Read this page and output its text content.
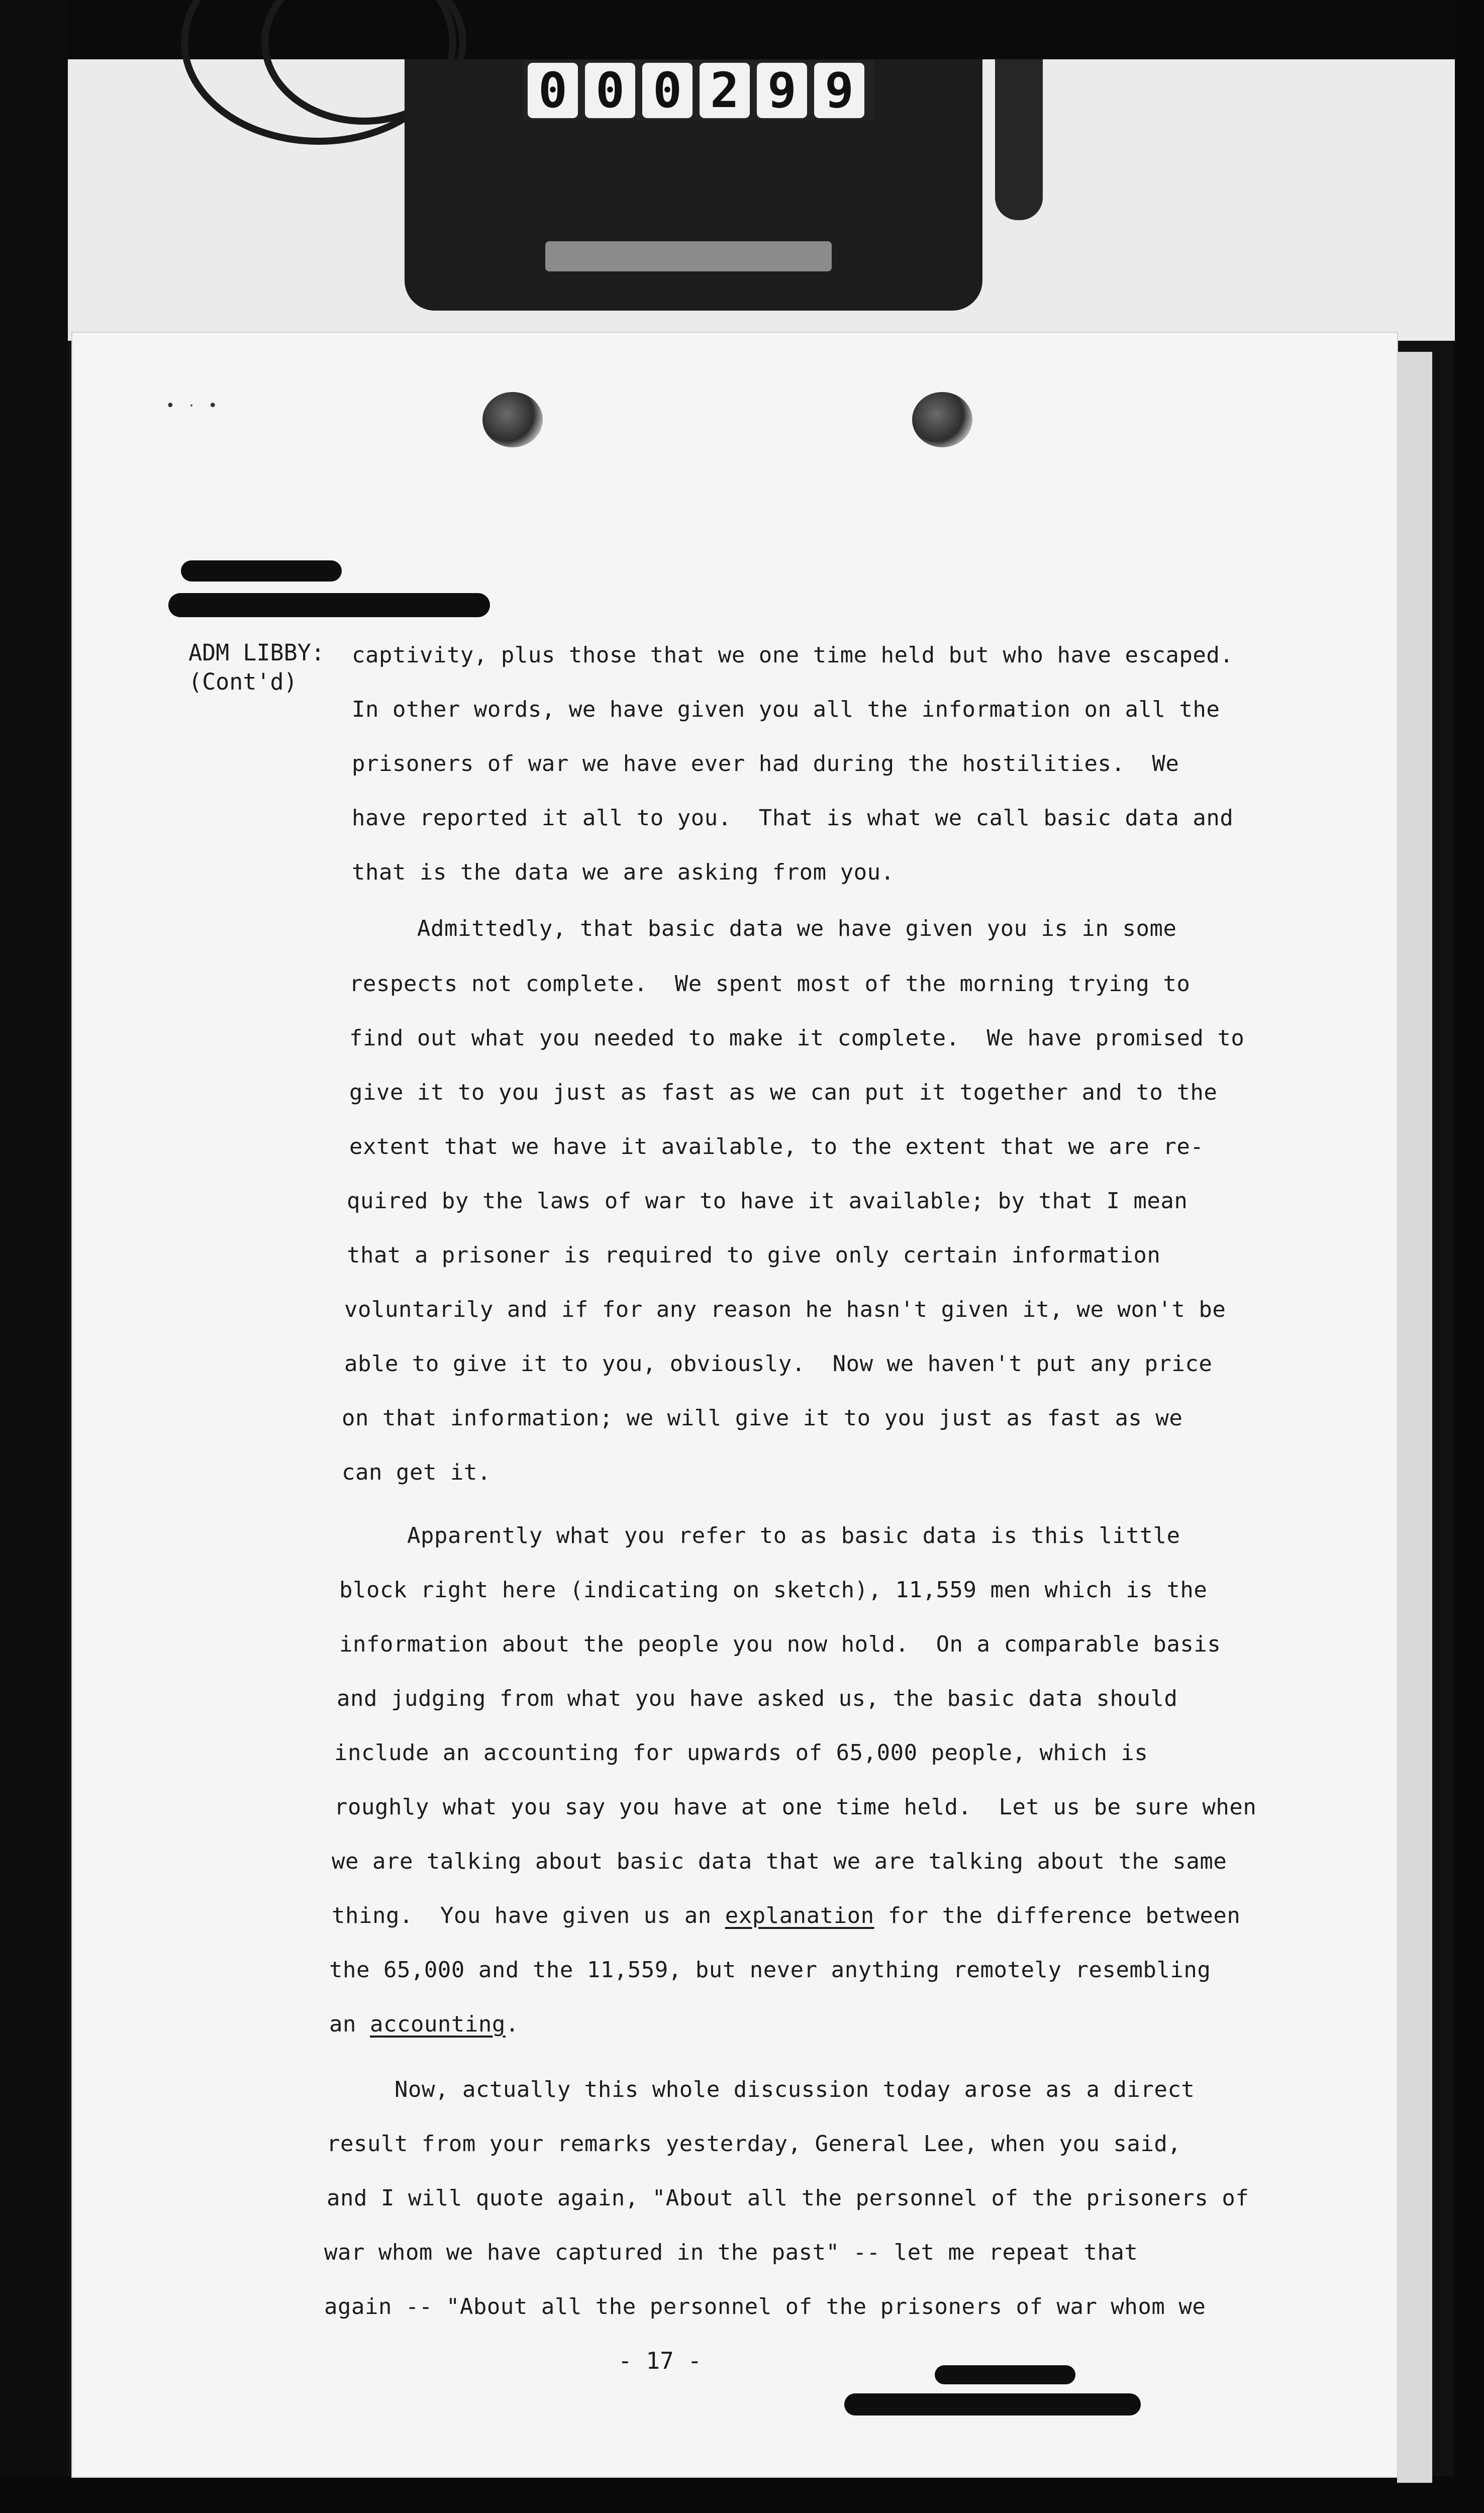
0 0 0 2 9 9
•   ·   •
ADM LIBBY:
(Cont'd)
captivity, plus those that we one time held but who have escaped.
In other words, we have given you all the information on all the
prisoners of war we have ever had during the hostilities.  We
have reported it all to you.  That is what we call basic data and
that is the data we are asking from you.
Admittedly, that basic data we have given you is in some
respects not complete.  We spent most of the morning trying to
find out what you needed to make it complete.  We have promised to
give it to you just as fast as we can put it together and to the
extent that we have it available, to the extent that we are re-
quired by the laws of war to have it available; by that I mean
that a prisoner is required to give only certain information
voluntarily and if for any reason he hasn't given it, we won't be
able to give it to you, obviously.  Now we haven't put any price
on that information; we will give it to you just as fast as we
can get it.
Apparently what you refer to as basic data is this little
block right here (indicating on sketch), 11,559 men which is the
information about the people you now hold.  On a comparable basis
and judging from what you have asked us, the basic data should
include an accounting for upwards of 65,000 people, which is
roughly what you say you have at one time held.  Let us be sure when
we are talking about basic data that we are talking about the same
thing.  You have given us an explanation for the difference between
the 65,000 and the 11,559, but never anything remotely resembling
an accounting.
Now, actually this whole discussion today arose as a direct
result from your remarks yesterday, General Lee, when you said,
and I will quote again, "About all the personnel of the prisoners of
war whom we have captured in the past" -- let me repeat that
again -- "About all the personnel of the prisoners of war whom we
- 17 -
